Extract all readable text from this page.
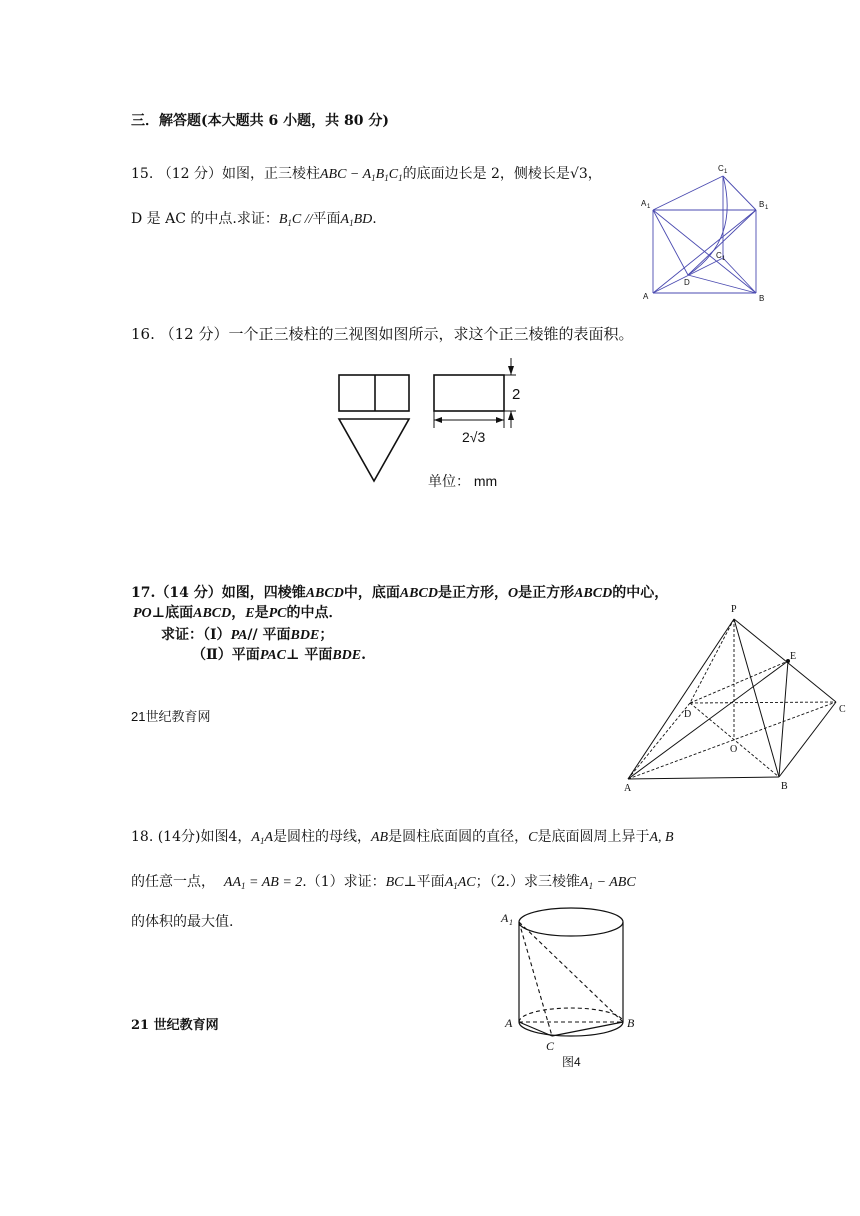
三．解答题(本大题共 6 小题，共 80 分)
15. （12 分）如图，正三棱柱ABC − $A_1B_1C_1$的底面边长是 2，侧棱长是√3，
D 是 AC 的中点.求证：$B_1C$ //平面$A_1BD$.
C 1
A 1	B 1
C 1
D
A	B
16. （12 分）一个正三棱柱的三视图如图所示，求这个正三棱锥的表面积。
2
2√3
单位： mm
17.（14 分）如图，四棱锥ABCD中，底面ABCD是正方形，O是正方形ABCD的中心，
PO⊥底面ABCD，E是PC的中点．
求证：（Ⅰ）PA// 平面BDE；
（Ⅱ）平面PAC⊥ 平面BDE.
21世纪教育网
P
E
C
D
O
A	B
18. (14分)如图4，$A_1A$是圆柱的母线，AB是圆柱底面圆的直径，C是底面圆周上异于A, B
的任意一点， $AA_1$ = AB = 2.（1）求证：BC⊥平面$A_1AC$；（2.）求三棱锥$A_1$ − ABC
的体积的最大值.
21 世纪教育网
A 1
A	B
C
图4
